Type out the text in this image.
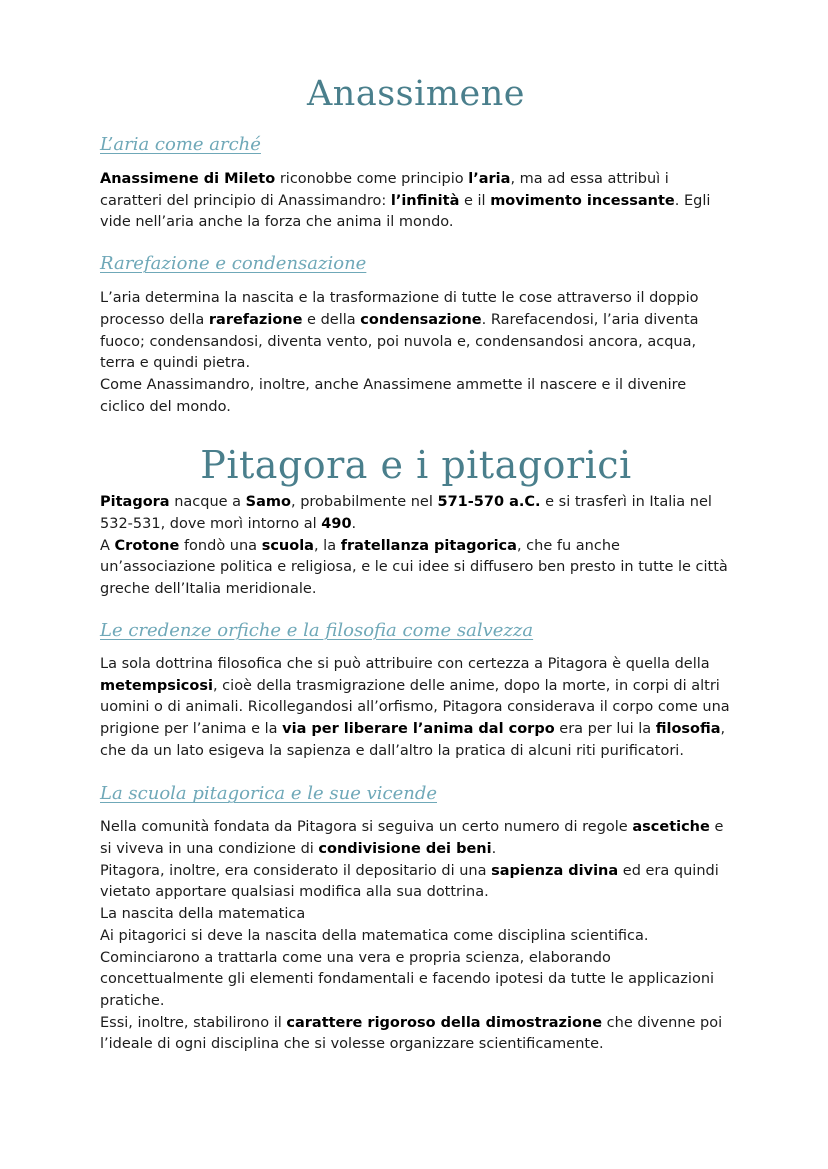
Anassimene
L’aria come arché

Anassimene di Mileto riconobbe come principio l’aria, ma ad essa attribuì i caratteri del principio di Anassimandro: l’infinità e il movimento incessante. Egli vide nell’aria anche la forza che anima il mondo.

Rarefazione e condensazione

L’aria determina la nascita e la trasformazione di tutte le cose attraverso il doppio processo della rarefazione e della condensazione. Rarefacendosi, l’aria diventa fuoco; condensandosi, diventa vento, poi nuvola e, condensandosi ancora, acqua, terra e quindi pietra.
Come Anassimandro, inoltre, anche Anassimene ammette il nascere e il divenire ciclico del mondo.

Pitagora e i pitagorici

Pitagora nacque a Samo, probabilmente nel 571-570 a.C. e si trasferì in Italia nel 532-531, dove morì intorno al 490.
A Crotone fondò una scuola, la fratellanza pitagorica, che fu anche un’associazione politica e religiosa, e le cui idee si diffusero ben presto in tutte le città greche dell’Italia meridionale.

Le credenze orfiche e la filosofia come salvezza

La sola dottrina filosofica che si può attribuire con certezza a Pitagora è quella della metempsicosi, cioè della trasmigrazione delle anime, dopo la morte, in corpi di altri uomini o di animali. Ricollegandosi all’orfismo, Pitagora considerava il corpo come una prigione per l’anima e la via per liberare l’anima dal corpo era per lui la filosofia, che da un lato esigeva la sapienza e dall’altro la pratica di alcuni riti purificatori.

La scuola pitagorica e le sue vicende

Nella comunità fondata da Pitagora si seguiva un certo numero di regole ascetiche e si viveva in una condizione di condivisione dei beni.
Pitagora, inoltre, era considerato il depositario di una sapienza divina ed era quindi vietato apportare qualsiasi modifica alla sua dottrina.
La nascita della matematica
Ai pitagorici si deve la nascita della matematica come disciplina scientifica. Cominciarono a trattarla come una vera e propria scienza, elaborando concettualmente gli elementi fondamentali e facendo ipotesi da tutte le applicazioni pratiche.
Essi, inoltre, stabilirono il carattere rigoroso della dimostrazione che divenne poi l’ideale di ogni disciplina che si volesse organizzare scientificamente.
